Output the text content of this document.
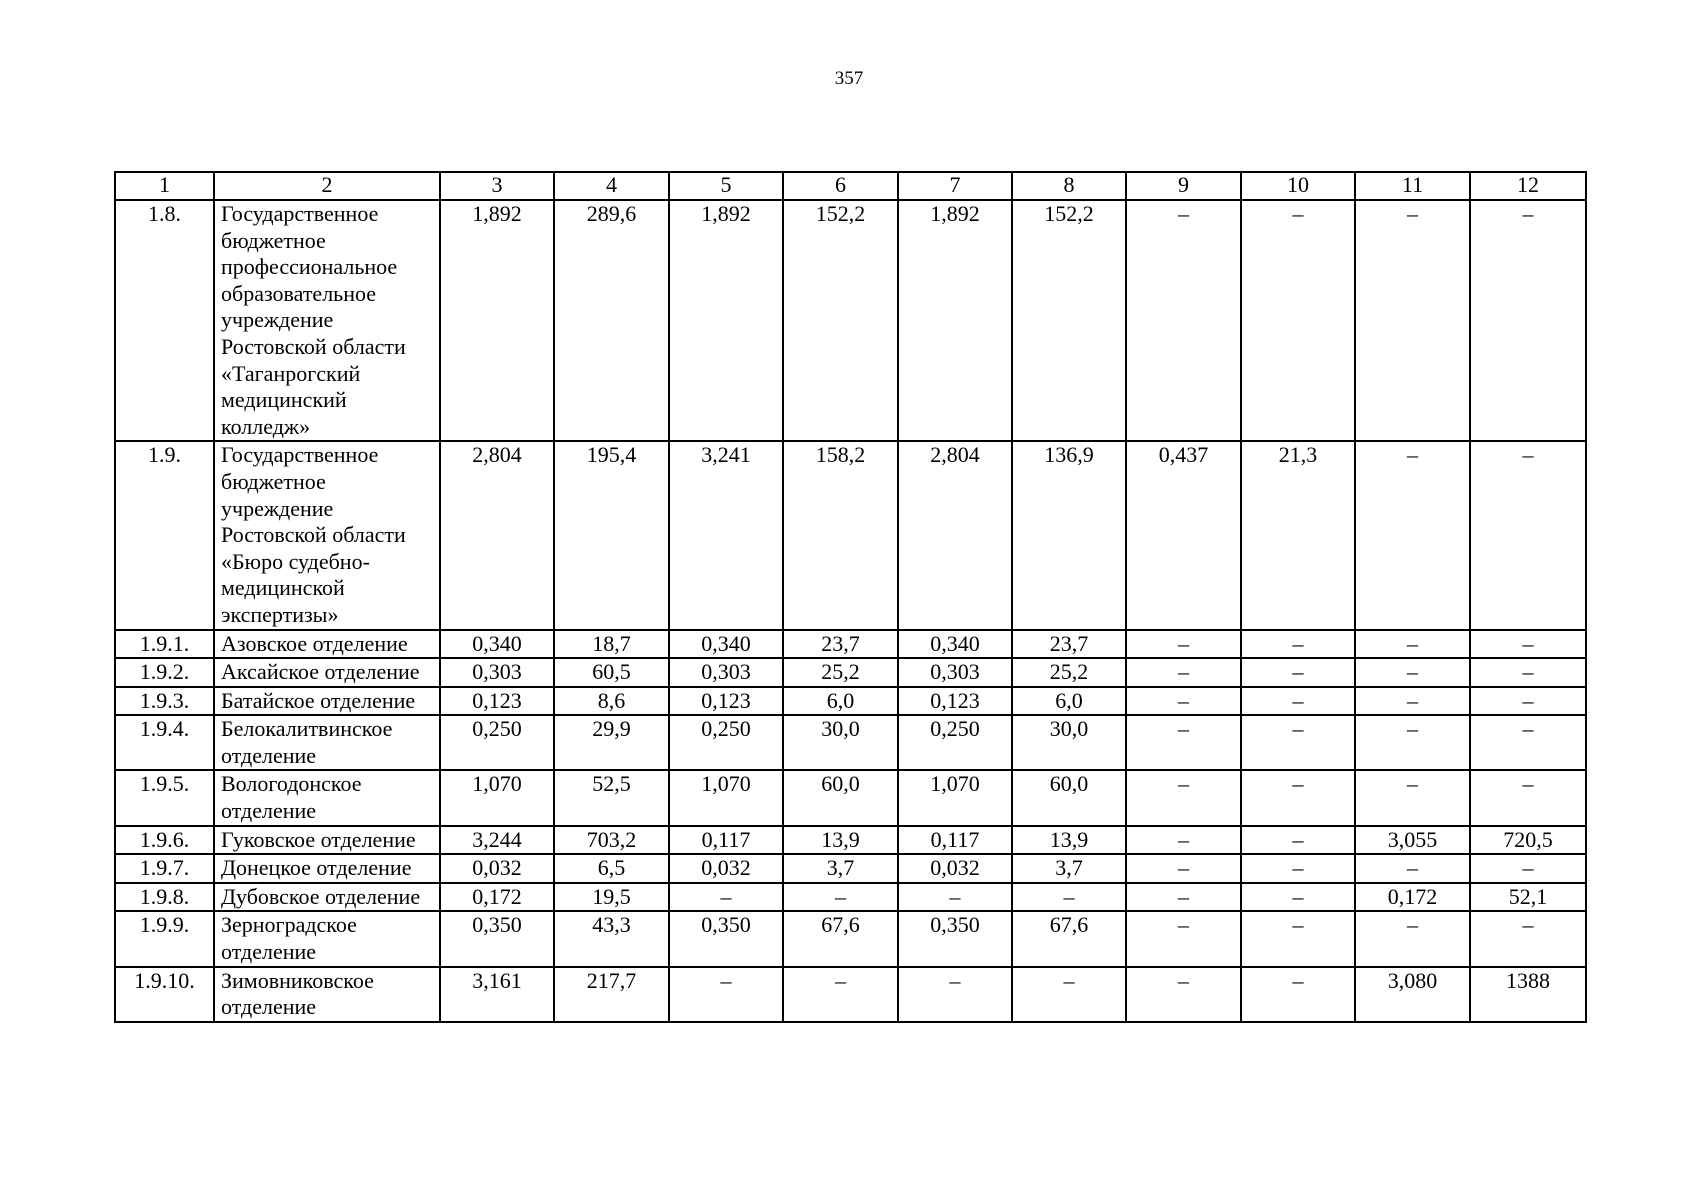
357
1	2	3	4	5	6	7	8	9	10	11	12
1.8.	Государственное бюджетное профессиональное образовательное учреждение Ростовской области «Таганрогский медицинский колледж»	1,892	289,6	1,892	152,2	1,892	152,2	–	–	–	–
1.9.	Государственное бюджетное учреждение Ростовской области «Бюро судебно-медицинской экспертизы»	2,804	195,4	3,241	158,2	2,804	136,9	0,437	21,3	–	–
1.9.1.	Азовское отделение	0,340	18,7	0,340	23,7	0,340	23,7	–	–	–	–
1.9.2.	Аксайское отделение	0,303	60,5	0,303	25,2	0,303	25,2	–	–	–	–
1.9.3.	Батайское отделение	0,123	8,6	0,123	6,0	0,123	6,0	–	–	–	–
1.9.4.	Белокалитвинское отделение	0,250	29,9	0,250	30,0	0,250	30,0	–	–	–	–
1.9.5.	Вологодонское отделение	1,070	52,5	1,070	60,0	1,070	60,0	–	–	–	–
1.9.6.	Гуковское отделение	3,244	703,2	0,117	13,9	0,117	13,9	–	–	3,055	720,5
1.9.7.	Донецкое отделение	0,032	6,5	0,032	3,7	0,032	3,7	–	–	–	–
1.9.8.	Дубовское отделение	0,172	19,5	–	–	–	–	–	–	0,172	52,1
1.9.9.	Зерноградское отделение	0,350	43,3	0,350	67,6	0,350	67,6	–	–	–	–
1.9.10.	Зимовниковское отделение	3,161	217,7	–	–	–	–	–	–	3,080	1388
